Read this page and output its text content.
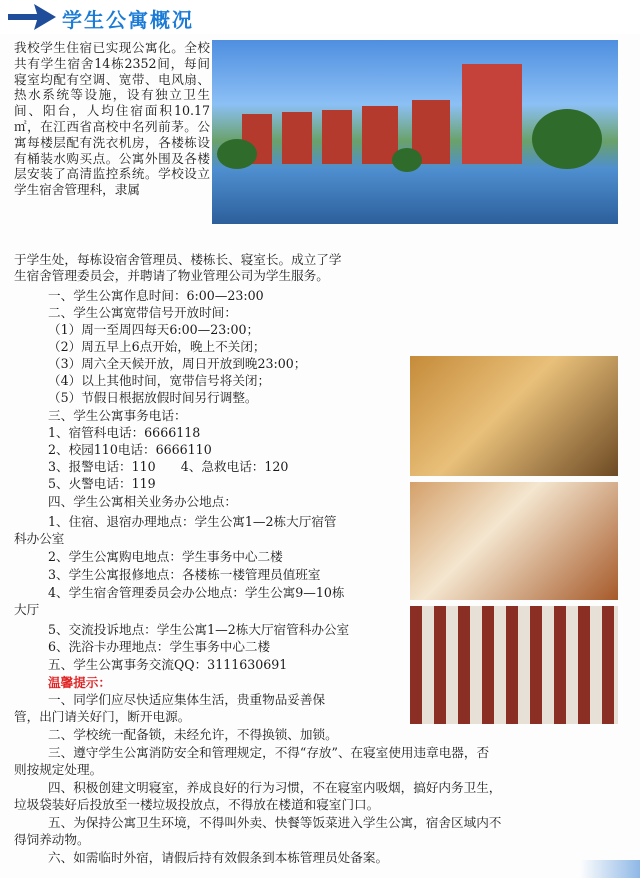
学生公寓概况
我校学生住宿已实现公寓化。全校共有学生宿舍14栋2352间，每间寝室均配有空调、宽带、电风扇、热水系统等设施，设有独立卫生间、阳台，人均住宿面积10.17㎡，在江西省高校中名列前茅。公寓每楼层配有洗衣机房，各楼栋设有桶装水购买点。公寓外围及各楼层安装了高清监控系统。学校设立学生宿舍管理科，隶属
于学生处，每栋设宿舍管理员、楼栋长、寝室长。成立了学
生宿舍管理委员会，并聘请了物业管理公司为学生服务。
一、学生公寓作息时间：6:00—23:00
二、学生公寓宽带信号开放时间：
（1）周一至周四每天6:00—23:00；
（2）周五早上6点开始，晚上不关闭；
（3）周六全天候开放，周日开放到晚23:00；
（4）以上其他时间，宽带信号将关闭；
（5）节假日根据放假时间另行调整。
三、学生公寓事务电话：
1、宿管科电话：6666118
2、校园110电话：6666110
3、报警电话：110　　4、急救电话：120
5、火警电话：119
四、学生公寓相关业务办公地点：
1、住宿、退宿办理地点：学生公寓1—2栋大厅宿管
科办公室
2、学生公寓购电地点：学生事务中心二楼
3、学生公寓报修地点：各楼栋一楼管理员值班室
4、学生宿舍管理委员会办公地点：学生公寓9—10栋
大厅
5、交流投诉地点：学生公寓1—2栋大厅宿管科办公室
6、洗浴卡办理地点：学生事务中心二楼
五、学生公寓事务交流QQ：3111630691
温馨提示：
一、同学们应尽快适应集体生活，贵重物品妥善保
管，出门请关好门，断开电源。
二、学校统一配备锁，未经允许，不得换锁、加锁。
三、遵守学生公寓消防安全和管理规定，不得“存放”、在寝室使用违章电器，否
则按规定处理。
四、积极创建文明寝室，养成良好的行为习惯，不在寝室内吸烟，搞好内务卫生，
垃圾袋装好后投放至一楼垃圾投放点，不得放在楼道和寝室门口。
五、为保持公寓卫生环境，不得叫外卖、快餐等饭菜进入学生公寓，宿舍区域内不
得饲养动物。
六、如需临时外宿，请假后持有效假条到本栋管理员处备案。
